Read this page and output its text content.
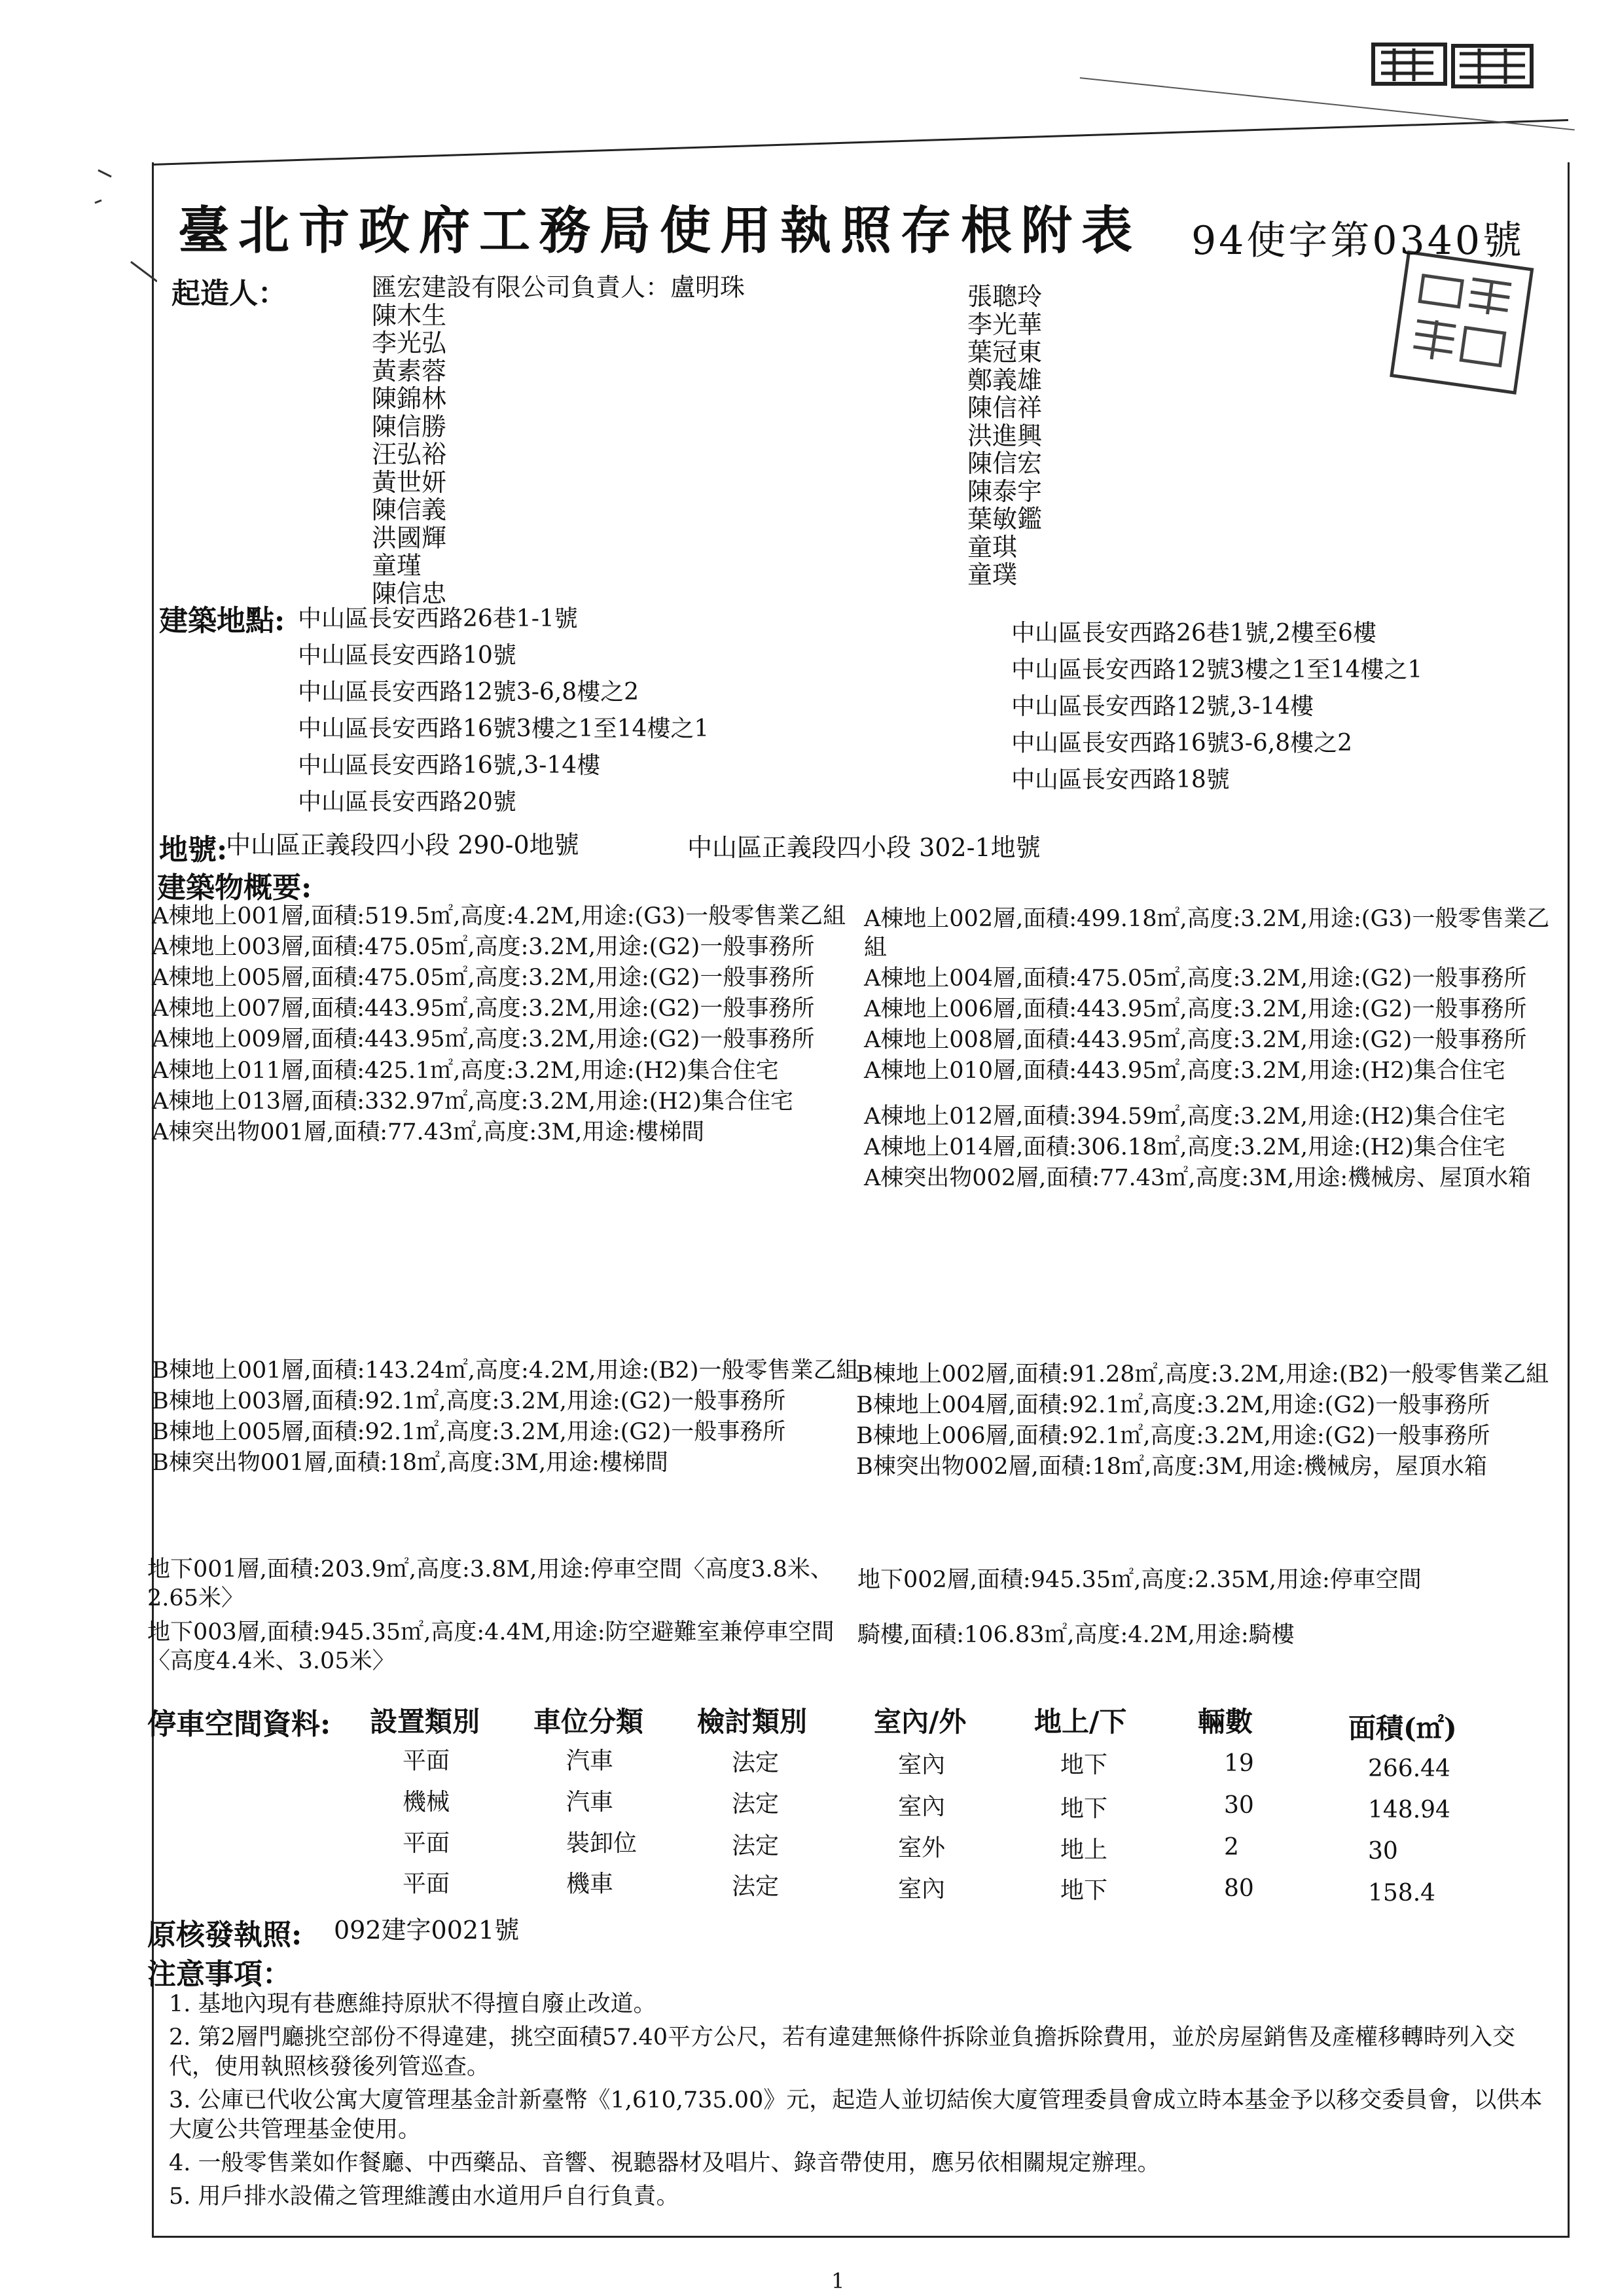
臺北市政府工務局使用執照存根附表 94使字第0340號
起造人：	匯宏建設有限公司負責人：盧明珠
陳木生
李光弘
黃素蓉
陳錦林
陳信勝
汪弘裕
黃世妍
陳信義
洪國輝
童瑾
陳信忠
張聰玲
李光華
葉冠東
鄭義雄
陳信祥
洪進興
陳信宏
陳泰宇
葉敏鑑
童琪
童璞
建築地點: 中山區長安西路26巷1-1號
中山區長安西路10號
中山區長安西路12號3-6,8樓之2
中山區長安西路16號3樓之1至14樓之1
中山區長安西路16號,3-14樓
中山區長安西路20號
中山區長安西路26巷1號,2樓至6樓
中山區長安西路12號3樓之1至14樓之1
中山區長安西路12號,3-14樓
中山區長安西路16號3-6,8樓之2
中山區長安西路18號
地號:
中山區正義段四小段 290-0地號	中山區正義段四小段 302-1地號
建築物概要:
A棟地上001層,面積:519.5㎡,高度:4.2M,用途:(G3)一般零售業乙組
A棟地上003層,面積:475.05㎡,高度:3.2M,用途:(G2)一般事務所
A棟地上005層,面積:475.05㎡,高度:3.2M,用途:(G2)一般事務所
A棟地上007層,面積:443.95㎡,高度:3.2M,用途:(G2)一般事務所
A棟地上009層,面積:443.95㎡,高度:3.2M,用途:(G2)一般事務所
A棟地上011層,面積:425.1㎡,高度:3.2M,用途:(H2)集合住宅
A棟地上013層,面積:332.97㎡,高度:3.2M,用途:(H2)集合住宅
A棟突出物001層,面積:77.43㎡,高度:3M,用途:樓梯間
A棟地上002層,面積:499.18㎡,高度:3.2M,用途:(G3)一般零售業乙組
A棟地上004層,面積:475.05㎡,高度:3.2M,用途:(G2)一般事務所
A棟地上006層,面積:443.95㎡,高度:3.2M,用途:(G2)一般事務所
A棟地上008層,面積:443.95㎡,高度:3.2M,用途:(G2)一般事務所
A棟地上010層,面積:443.95㎡,高度:3.2M,用途:(H2)集合住宅
A棟地上012層,面積:394.59㎡,高度:3.2M,用途:(H2)集合住宅
A棟地上014層,面積:306.18㎡,高度:3.2M,用途:(H2)集合住宅
A棟突出物002層,面積:77.43㎡,高度:3M,用途:機械房、屋頂水箱
B棟地上001層,面積:143.24㎡,高度:4.2M,用途:(B2)一般零售業乙組
B棟地上003層,面積:92.1㎡,高度:3.2M,用途:(G2)一般事務所
B棟地上005層,面積:92.1㎡,高度:3.2M,用途:(G2)一般事務所
B棟突出物001層,面積:18㎡,高度:3M,用途:樓梯間
B棟地上002層,面積:91.28㎡,高度:3.2M,用途:(B2)一般零售業乙組
B棟地上004層,面積:92.1㎡,高度:3.2M,用途:(G2)一般事務所
B棟地上006層,面積:92.1㎡,高度:3.2M,用途:(G2)一般事務所
B棟突出物002層,面積:18㎡,高度:3M,用途:機械房，屋頂水箱
地下001層,面積:203.9㎡,高度:3.8M,用途:停車空間〈高度3.8米、2.65米〉
地下003層,面積:945.35㎡,高度:4.4M,用途:防空避難室兼停車空間〈高度4.4米、3.05米〉
地下002層,面積:945.35㎡,高度:2.35M,用途:停車空間
騎樓,面積:106.83㎡,高度:4.2M,用途:騎樓
停車空間資料: 設置類別 車位分類 檢討類別 室內/外 地上/下	輛數	面積(㎡)
平面	汽車	法定	室內	地下	19	266.44
機械	汽車	法定	室內	地下	30	148.94
平面	裝卸位	法定	室外	地上	2	30
平面	機車	法定	室內	地下	80	158.4
原核發執照: 092建字0021號
注意事項：
1. 基地內現有巷應維持原狀不得擅自廢止改道。
2. 第2層門廳挑空部份不得違建，挑空面積57.40平方公尺，若有違建無條件拆除並負擔拆除費用，並於房屋銷售及產權移轉時列入交代，使用執照核發後列管巡查。
3. 公庫已代收公寓大廈管理基金計新臺幣《1,610,735.00》元，起造人並切結俟大廈管理委員會成立時本基金予以移交委員會，以供本大廈公共管理基金使用。
4. 一般零售業如作餐廳、中西藥品、音響、視聽器材及唱片、錄音帶使用，應另依相關規定辦理。
5. 用戶排水設備之管理維護由水道用戶自行負責。
1
